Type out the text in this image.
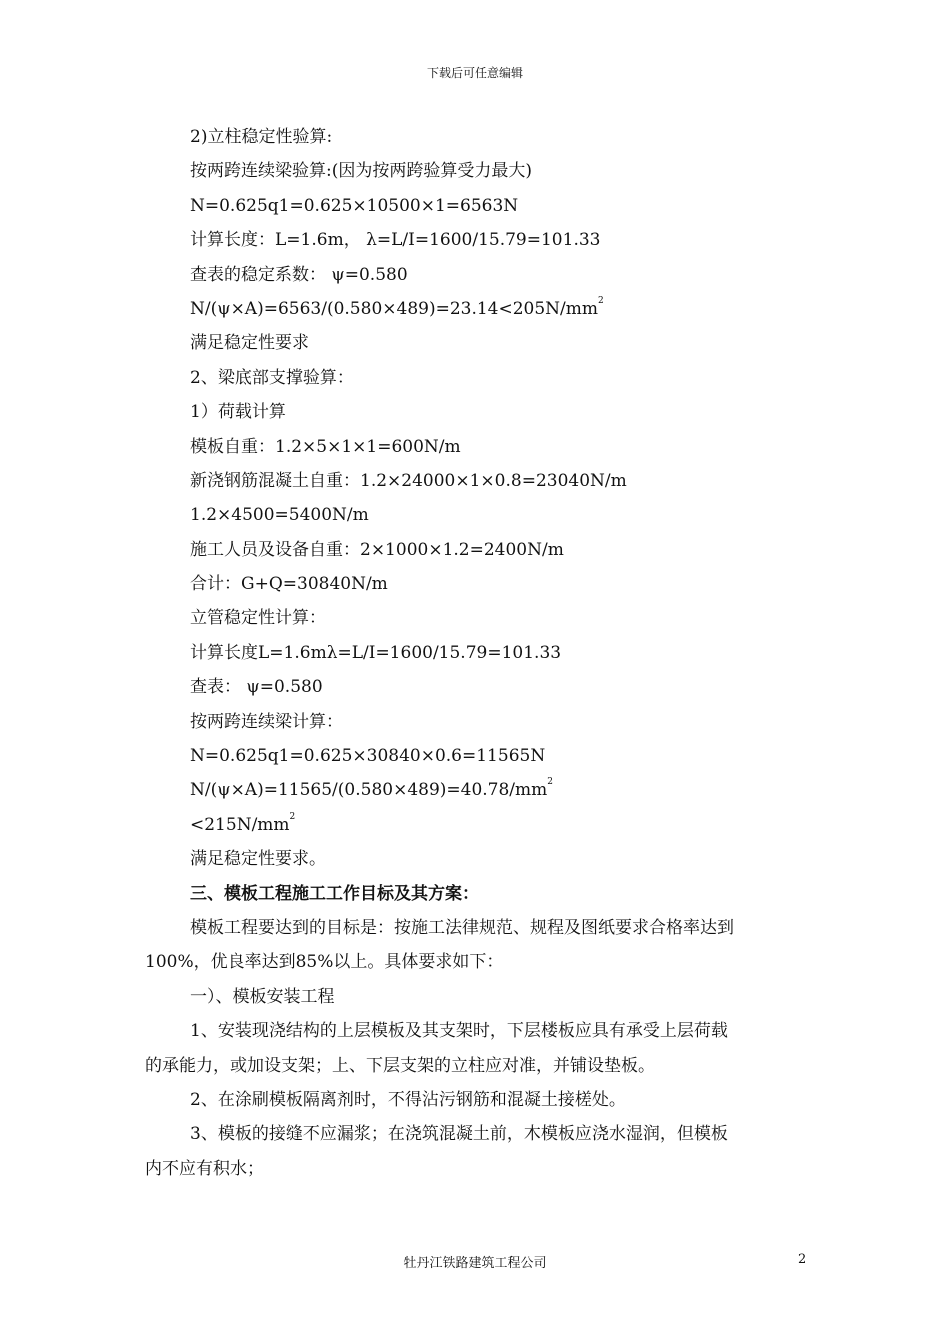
下载后可任意编辑
2)立柱稳定性验算:
按两跨连续梁验算:(因为按两跨验算受力最大)
N=0.625q1=0.625×10500×1=6563N
计算长度：L=1.6m， λ=L/I=1600/15.79=101.33
查表的稳定系数： ψ=0.580
$N/(\psi\times A)=6563/(0.580\times 489)=23.14<205N/mm^2$
满足稳定性要求
2、梁底部支撑验算：
1）荷载计算
模板自重：1.2×5×1×1=600N/m
新浇钢筋混凝土自重：1.2×24000×1×0.8=23040N/m
1.2×4500=5400N/m
施工人员及设备自重：2×1000×1.2=2400N/m
合计：G+Q=30840N/m
立管稳定性计算：
计算长度L=1.6mλ=L/I=1600/15.79=101.33
查表： ψ=0.580
按两跨连续梁计算：
N=0.625q1=0.625×30840×0.6=11565N
$N/(\psi\times A)=11565/(0.580\times 489)=40.78/mm^2$
$<215N/mm^2$
满足稳定性要求。
三、模板工程施工工作目标及其方案：
模板工程要达到的目标是：按施工法律规范、规程及图纸要求合格率达到
100%，优良率达到85%以上。具体要求如下：
一）、模板安装工程
1、安装现浇结构的上层模板及其支架时，下层楼板应具有承受上层荷载
的承能力，或加设支架；上、下层支架的立柱应对准，并铺设垫板。
2、在涂刷模板隔离剂时，不得沾污钢筋和混凝土接槎处。
3、模板的接缝不应漏浆；在浇筑混凝土前，木模板应浇水湿润，但模板
内不应有积水；
牡丹江铁路建筑工程公司	2
